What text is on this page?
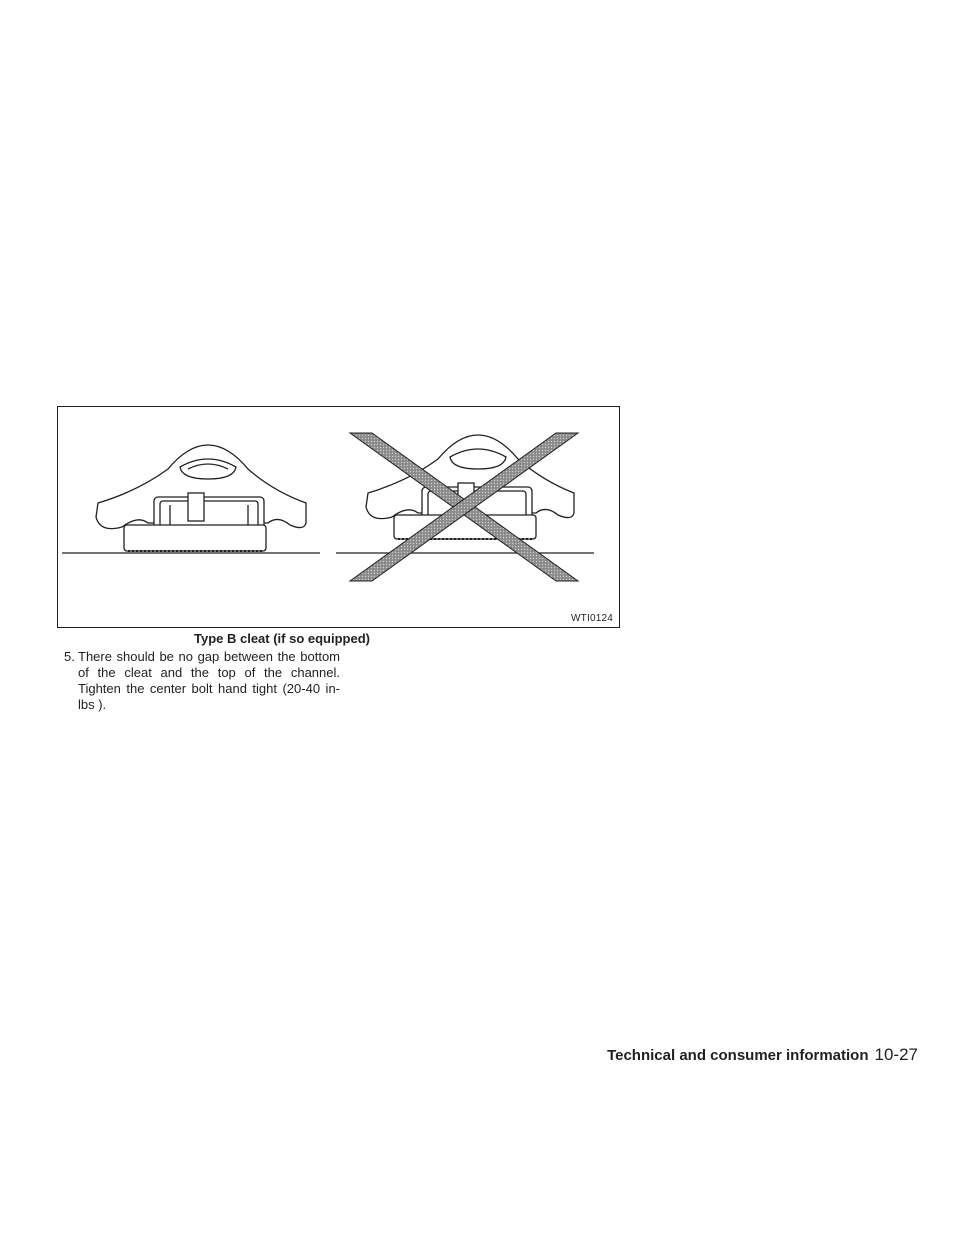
WTI0124
Type B cleat (if so equipped)
5. There should be no gap between the bottom of the cleat and the top of the channel. Tighten the center bolt hand tight (20-40 in-lbs ).
Technical and consumer information 10-27
